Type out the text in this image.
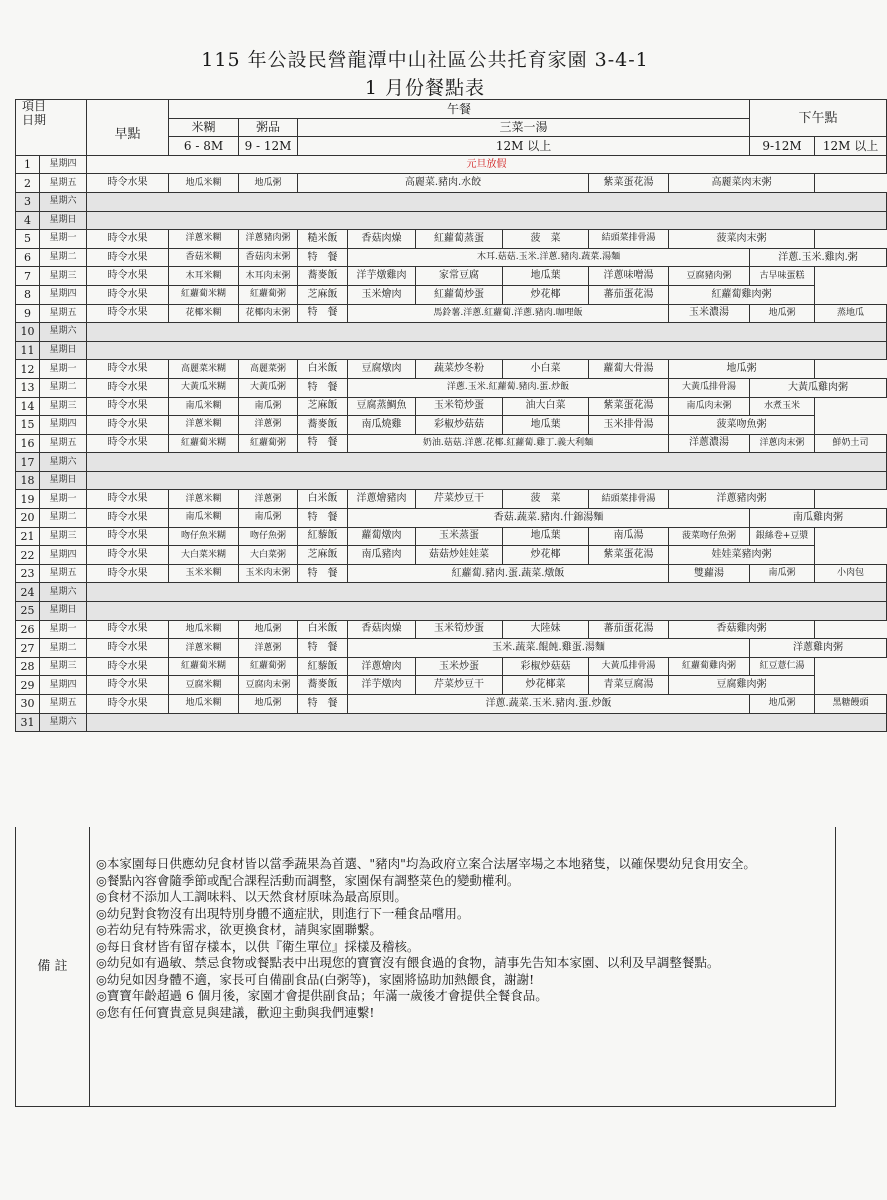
115 年公設民營龍潭中山社區公共托育家園 3-4-1
1 月份餐點表
項目
日期		早點	午餐								下午點	
			米糊	粥品	三菜一湯							
			6 - 8M	9 - 12M	12M 以上						9-12M	12M 以上
1	星期四	元旦放假										
2	星期五	時令水果	地瓜米糊	地瓜粥	高麗菜.豬肉.水餃				紫菜蛋花湯	高麗菜肉末粥		
3	星期六											
4	星期日											
5	星期一	時令水果	洋蔥米糊	洋蔥豬肉粥	糙米飯	香菇肉燥	紅蘿蔔蒸蛋	菠　菜	結頭菜排骨湯	菠菜肉末粥		
6	星期二	時令水果	香菇米糊	香菇肉末粥	特　餐	木耳.菇菇.玉米.洋蔥.豬肉.蔬菜.湯麵					洋蔥.玉米.雞肉.粥	
7	星期三	時令水果	木耳米糊	木耳肉末粥	蕎麥飯	洋芋燉雞肉	家常豆腐	地瓜葉	洋蔥味噌湯	豆腐豬肉粥	古早味蛋糕	
8	星期四	時令水果	紅蘿蔔米糊	紅蘿蔔粥	芝麻飯	玉米燴肉	紅蘿蔔炒蛋	炒花椰	蕃茄蛋花湯	紅蘿蔔雞肉粥		
9	星期五	時令水果	花椰米糊	花椰肉末粥	特　餐	馬鈴薯.洋蔥.紅蘿蔔.洋蔥.豬肉.咖哩飯				玉米濃湯	地瓜粥	蒸地瓜
10	星期六											
11	星期日											
12	星期一	時令水果	高麗菜米糊	高麗菜粥	白米飯	豆腐燉肉	蔬菜炒冬粉	小白菜	蘿蔔大骨湯	地瓜粥		
13	星期二	時令水果	大黃瓜米糊	大黃瓜粥	特　餐	洋蔥.玉米.紅蘿蔔.豬肉.蛋.炒飯				大黃瓜排骨湯	大黃瓜雞肉粥	
14	星期三	時令水果	南瓜米糊	南瓜粥	芝麻飯	豆腐蒸鯛魚	玉米筍炒蛋	油大白菜	紫菜蛋花湯	南瓜肉末粥	水煮玉米	
15	星期四	時令水果	洋蔥米糊	洋蔥粥	蕎麥飯	南瓜燒雞	彩椒炒菇菇	地瓜葉	玉米排骨湯	菠菜吻魚粥		
16	星期五	時令水果	紅蘿蔔米糊	紅蘿蔔粥	特　餐	奶油.菇菇.洋蔥.花椰.紅蘿蔔.雞丁.義大利麵				洋蔥濃湯	洋蔥肉末粥	鮮奶土司
17	星期六											
18	星期日											
19	星期一	時令水果	洋蔥米糊	洋蔥粥	白米飯	洋蔥燴豬肉	芹菜炒豆干	菠　菜	結頭菜排骨湯	洋蔥豬肉粥		
20	星期二	時令水果	南瓜米糊	南瓜粥	特　餐	香菇.蔬菜.豬肉.什錦湯麵					南瓜雞肉粥	
21	星期三	時令水果	吻仔魚米糊	吻仔魚粥	紅藜飯	蘿蔔燉肉	玉米蒸蛋	地瓜葉	南瓜湯	菠菜吻仔魚粥	銀絲卷+豆漿	
22	星期四	時令水果	大白菜米糊	大白菜粥	芝麻飯	南瓜豬肉	菇菇炒娃娃菜	炒花椰	紫菜蛋花湯	娃娃菜豬肉粥		
23	星期五	時令水果	玉米米糊	玉米肉末粥	特　餐	紅蘿蔔.豬肉.蛋.蔬菜.燉飯				雙蘿湯	南瓜粥	小肉包
24	星期六											
25	星期日											
26	星期一	時令水果	地瓜米糊	地瓜粥	白米飯	香菇肉燥	玉米筍炒蛋	大陸妹	蕃茄蛋花湯	香菇雞肉粥		
27	星期二	時令水果	洋蔥米糊	洋蔥粥	特　餐	玉米.蔬菜.餛飩.雞蛋.湯麵					洋蔥雞肉粥	
28	星期三	時令水果	紅蘿蔔米糊	紅蘿蔔粥	紅藜飯	洋蔥燴肉	玉米炒蛋	彩椒炒菇菇	大黃瓜排骨湯	紅蘿蔔雞肉粥	紅豆薏仁湯	
29	星期四	時令水果	豆腐米糊	豆腐肉末粥	蕎麥飯	洋芋燉肉	芹菜炒豆干	炒花椰菜	青菜豆腐湯	豆腐雞肉粥		
30	星期五	時令水果	地瓜米糊	地瓜粥	特　餐	洋蔥.蔬菜.玉米.豬肉.蛋.炒飯					地瓜粥	黑糖饅頭
31	星期六											
備 註
◎本家園每日供應幼兒食材皆以當季蔬果為首選、"豬肉"均為政府立案合法屠宰場之本地豬隻，以確保嬰幼兒食用安全。
◎餐點內容會隨季節或配合課程活動而調整，家園保有調整菜色的變動權利。
◎食材不添加人工調味料、以天然食材原味為最高原則。
◎幼兒對食物沒有出現特別身體不適症狀，則進行下一種食品嚐用。
◎若幼兒有特殊需求，欲更換食材，請與家園聯繫。
◎每日食材皆有留存樣本，以供『衛生單位』採樣及稽核。
◎幼兒如有過敏、禁忌食物或餐點表中出現您的寶寶沒有餵食過的食物，請事先告知本家園、以利及早調整餐點。
◎幼兒如因身體不適，家長可自備副食品(白粥等)，家園將協助加熱餵食，謝謝!
◎寶寶年齡超過 6 個月後，家園才會提供副食品；年滿一歲後才會提供全餐食品。
◎您有任何寶貴意見與建議，歡迎主動與我們連繫!
